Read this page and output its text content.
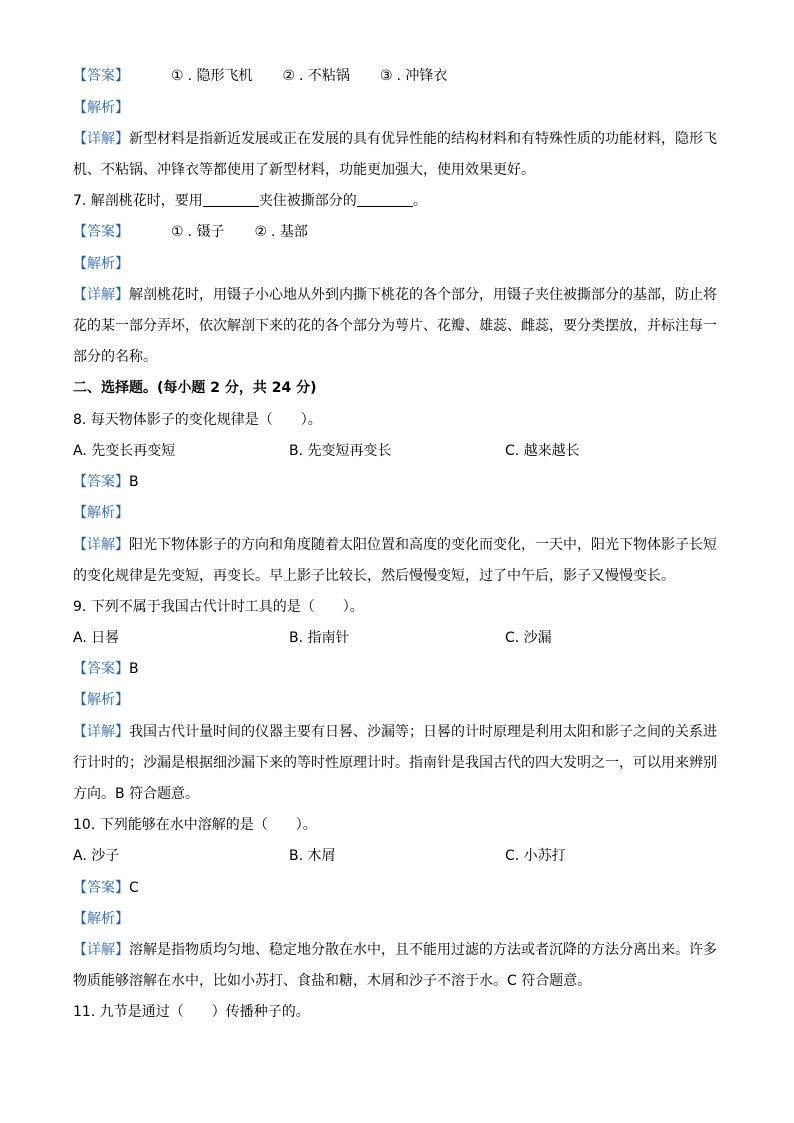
【答案】	① . 隐形飞机 ② . 不粘锅 ③ . 冲锋衣
【解析】
【详解】新型材料是指新近发展或正在发展的具有优异性能的结构材料和有特殊性质的功能材料，隐形飞
机、不粘锅、冲锋衣等都使用了新型材料，功能更加强大，使用效果更好。
7. 解剖桃花时，要用	夹住被撕部分的	。
【答案】	① . 镊子 ② . 基部
【解析】
【详解】解剖桃花时，用镊子小心地从外到内撕下桃花的各个部分，用镊子夹住被撕部分的基部，防止将
花的某一部分弄坏，依次解剖下来的花的各个部分为萼片、花瓣、雄蕊、雌蕊，要分类摆放，并标注每一
部分的名称。
二、选择题。(每小题 2 分，共 24 分)
8. 每天物体影子的变化规律是（　　）。
A. 先变长再变短	B. 先变短再变长	C. 越来越长
【答案】B
【解析】
【详解】阳光下物体影子的方向和角度随着太阳位置和高度的变化而变化，一天中，阳光下物体影子长短
的变化规律是先变短，再变长。早上影子比较长，然后慢慢变短，过了中午后，影子又慢慢变长。
9. 下列不属于我国古代计时工具的是（　　）。
A. 日晷	B. 指南针	C. 沙漏
【答案】B
【解析】
【详解】我国古代计量时间的仪器主要有日晷、沙漏等；日晷的计时原理是利用太阳和影子之间的关系进
行计时的；沙漏是根据细沙漏下来的等时性原理计时。指南针是我国古代的四大发明之一，可以用来辨别
方向。B 符合题意。
10. 下列能够在水中溶解的是（　　）。
A. 沙子	B. 木屑	C. 小苏打
【答案】C
【解析】
【详解】溶解是指物质均匀地、稳定地分散在水中，且不能用过滤的方法或者沉降的方法分离出来。许多
物质能够溶解在水中，比如小苏打、食盐和糖，木屑和沙子不溶于水。C 符合题意。
11. 九节是通过（　　）传播种子的。
